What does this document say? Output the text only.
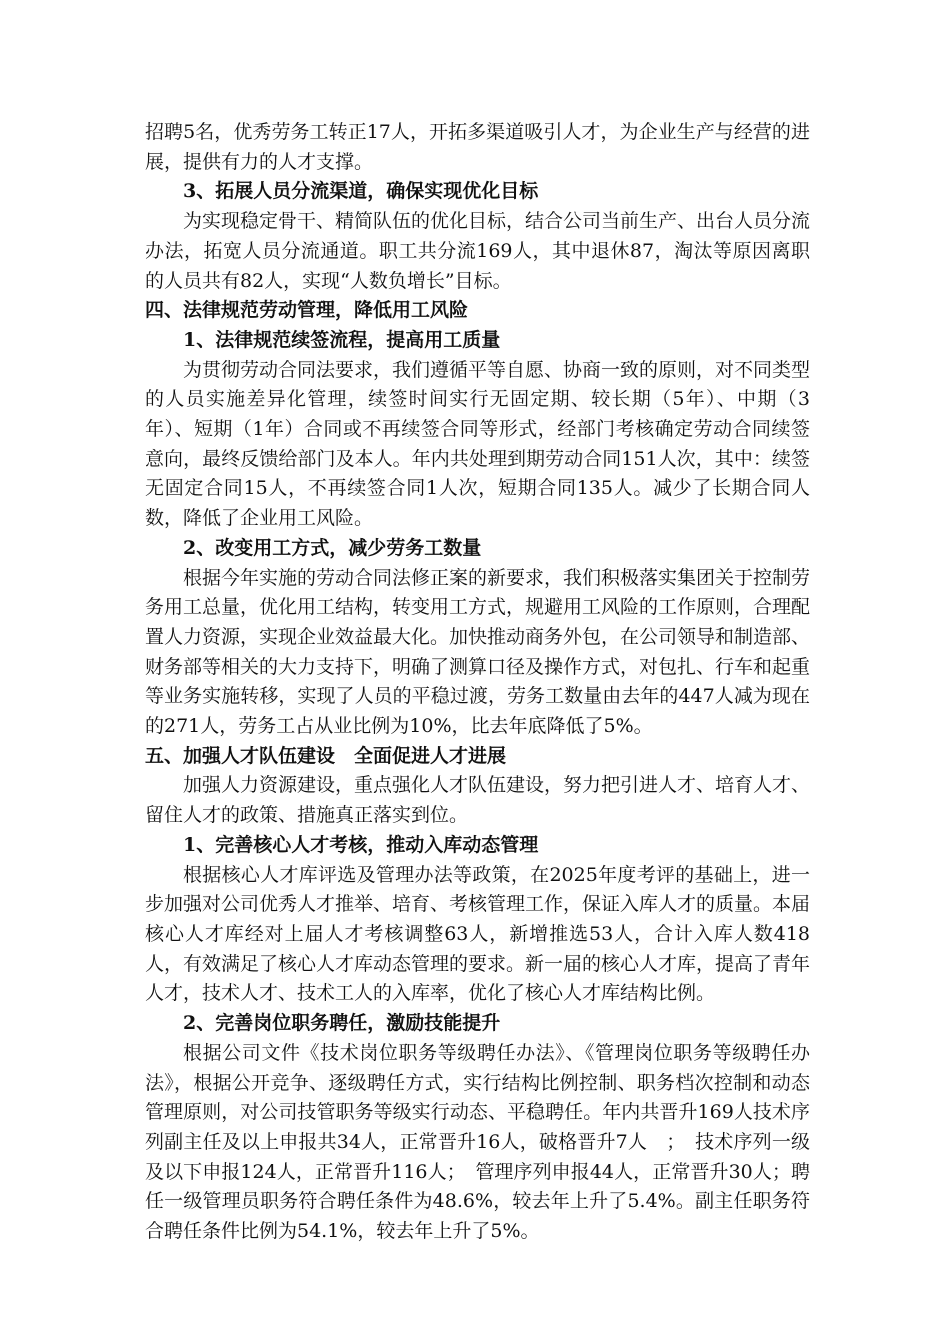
招聘5名，优秀劳务工转正17人，开拓多渠道吸引人才，为企业生产与经营的进展，提供有力的人才支撑。

3、拓展人员分流渠道，确保实现优化目标

为实现稳定骨干、精简队伍的优化目标，结合公司当前生产、出台人员分流办法，拓宽人员分流通道。职工共分流169人，其中退休87，淘汰等原因离职的人员共有82人，实现“人数负增长”目标。

四、法律规范劳动管理，降低用工风险

1、法律规范续签流程，提高用工质量

为贯彻劳动合同法要求，我们遵循平等自愿、协商一致的原则，对不同类型的人员实施差异化管理，续签时间实行无固定期、较长期（5年）、中期（3年）、短期（1年）合同或不再续签合同等形式，经部门考核确定劳动合同续签意向，最终反馈给部门及本人。年内共处理到期劳动合同151人次，其中：续签无固定合同15人，不再续签合同1人次，短期合同135人。减少了长期合同人数，降低了企业用工风险。

2、改变用工方式，减少劳务工数量

根据今年实施的劳动合同法修正案的新要求，我们积极落实集团关于控制劳务用工总量，优化用工结构，转变用工方式，规避用工风险的工作原则，合理配置人力资源，实现企业效益最大化。加快推动商务外包，在公司领导和制造部、财务部等相关的大力支持下，明确了测算口径及操作方式，对包扎、行车和起重等业务实施转移，实现了人员的平稳过渡，劳务工数量由去年的447人减为现在的271人，劳务工占从业比例为10%，比去年底降低了5%。

五、加强人才队伍建设　全面促进人才进展

加强人力资源建设，重点强化人才队伍建设，努力把引进人才、培育人才、留住人才的政策、措施真正落实到位。

1、完善核心人才考核，推动入库动态管理

根据核心人才库评选及管理办法等政策，在2025年度考评的基础上，进一步加强对公司优秀人才推举、培育、考核管理工作，保证入库人才的质量。本届核心人才库经对上届人才考核调整63人，新增推选53人，合计入库人数418人，有效满足了核心人才库动态管理的要求。新一届的核心人才库，提高了青年人才，技术人才、技术工人的入库率，优化了核心人才库结构比例。

2、完善岗位职务聘任，激励技能提升

根据公司文件《技术岗位职务等级聘任办法》、《管理岗位职务等级聘任办法》，根据公开竞争、逐级聘任方式，实行结构比例控制、职务档次控制和动态管理原则，对公司技管职务等级实行动态、平稳聘任。年内共晋升169人技术序列副主任及以上申报共34人，正常晋升16人，破格晋升7人　；　技术序列一级及以下申报124人，正常晋升116人；　管理序列申报44人，正常晋升30人；聘任一级管理员职务符合聘任条件为48.6%，较去年上升了5.4%。副主任职务符合聘任条件比例为54.1%，较去年上升了5%。
